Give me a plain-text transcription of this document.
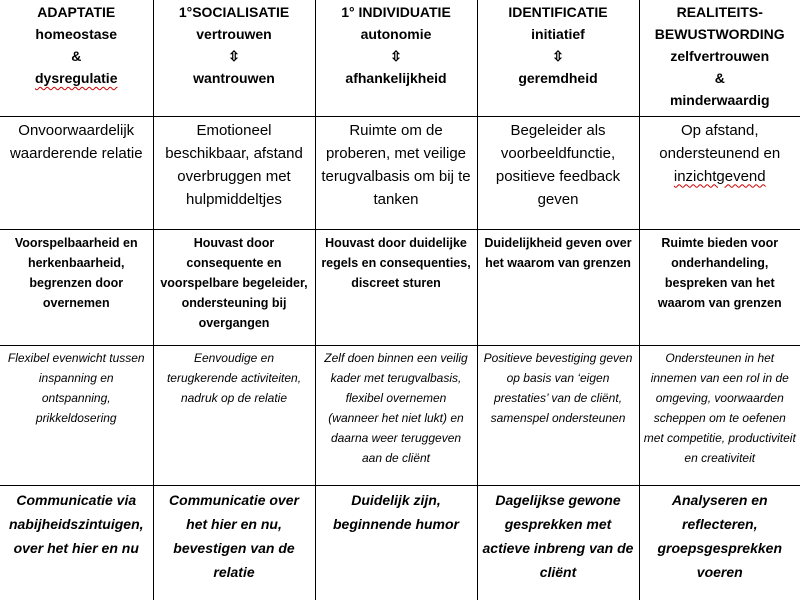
ADAPTATIE
homeostase
&
dysregulatie	1°SOCIALISATIE
vertrouwen
⇳
wantrouwen	1° INDIVIDUATIE
autonomie
⇳
afhankelijkheid	IDENTIFICATIE
initiatief
⇳
geremdheid	REALITEITS-
BEWUSTWORDING
zelfvertrouwen
&
minderwaardig

Onvoorwaardelijk waarderende relatie	Emotioneel beschikbaar, afstand overbruggen met hulpmiddeltjes	Ruimte om de proberen, met veilige terugvalbasis om bij te tanken	Begeleider als voorbeeldfunctie, positieve feedback geven	Op afstand, ondersteunend en inzichtgevend
Voorspelbaarheid en herkenbaarheid, begrenzen door overnemen	Houvast door consequente en voorspelbare begeleider, ondersteuning bij overgangen	Houvast door duidelijke regels en consequenties, discreet sturen	Duidelijkheid geven over het waarom van grenzen	Ruimte bieden voor onderhandeling, bespreken van het waarom van grenzen
Flexibel evenwicht tussen inspanning en ontspanning, prikkeldosering	Eenvoudige en terugkerende activiteiten, nadruk op de relatie	Zelf doen binnen een veilig kader met terugvalbasis, flexibel overnemen (wanneer het niet lukt) en daarna weer teruggeven aan de cliënt	Positieve bevestiging geven op basis van ‘eigen prestaties’ van de cliënt, samenspel ondersteunen	Ondersteunen in het innemen van een rol in de omgeving, voorwaarden scheppen om te oefenen met competitie, productiviteit en creativiteit
Communicatie via nabijheidszintuigen, over het hier en nu	Communicatie over het hier en nu, bevestigen van de relatie	Duidelijk zijn, beginnende humor	Dagelijkse gewone gesprekken met actieve inbreng van de cliënt	Analyseren en reflecteren, groepsgesprekken voeren
